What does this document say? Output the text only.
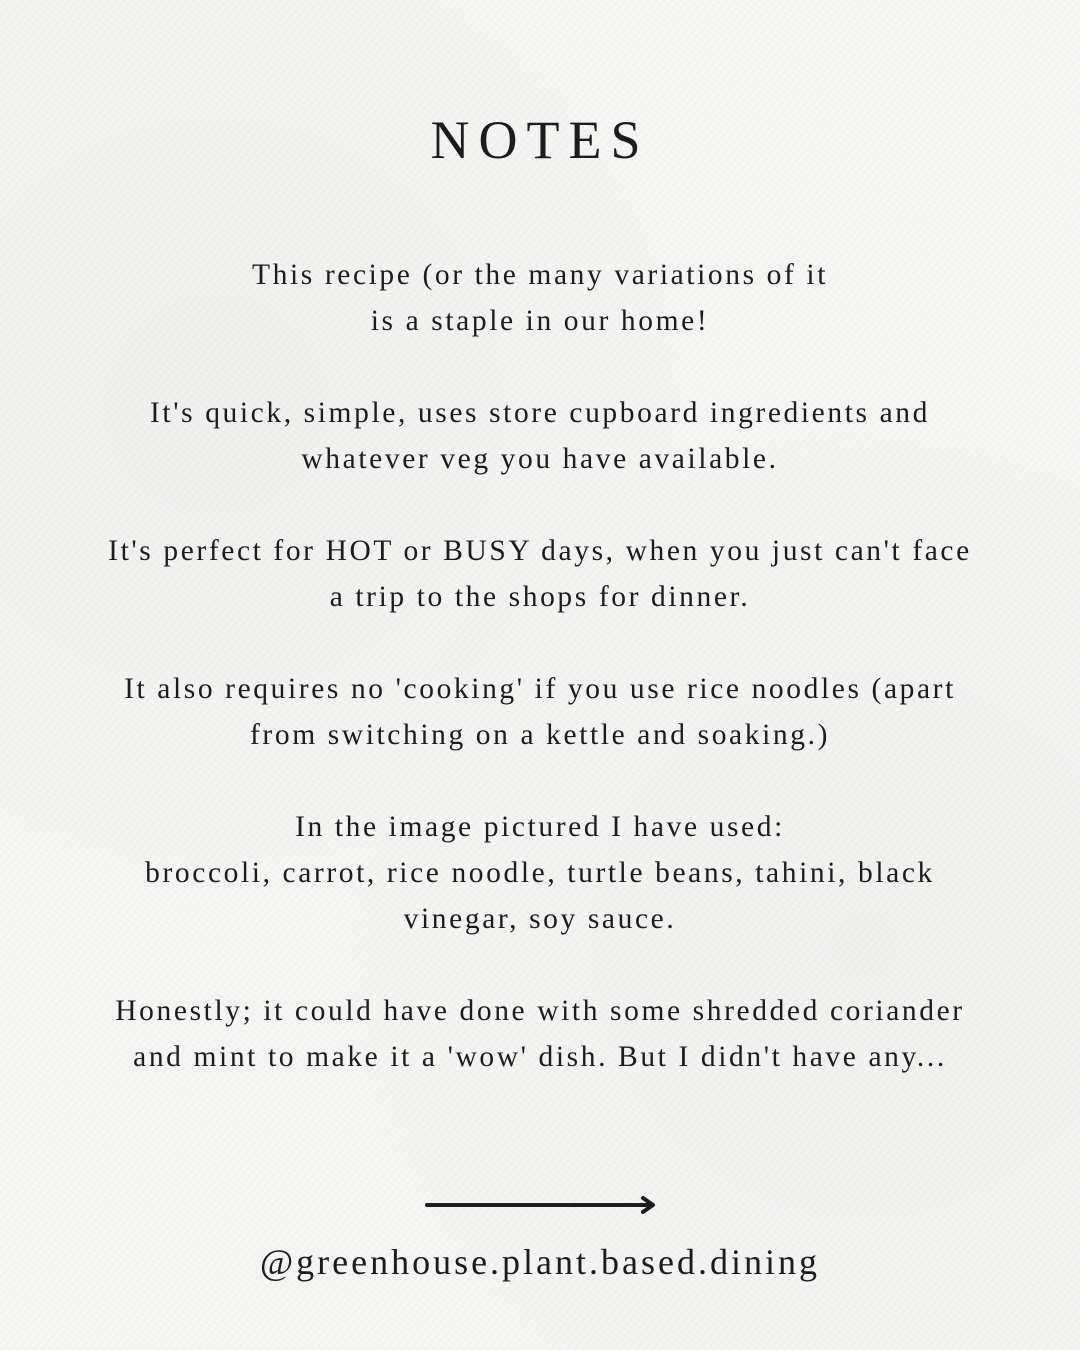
NOTES

This recipe (or the many variations of it
is a staple in our home!

It's quick, simple, uses store cupboard ingredients and
whatever veg you have available.

It's perfect for HOT or BUSY days, when you just can't face
a trip to the shops for dinner.

It also requires no 'cooking' if you use rice noodles (apart
from switching on a kettle and soaking.)

In the image pictured I have used:
broccoli, carrot, rice noodle, turtle beans, tahini, black
vinegar, soy sauce.

Honestly; it could have done with some shredded coriander
and mint to make it a 'wow' dish. But I didn't have any...

@greenhouse.plant.based.dining
